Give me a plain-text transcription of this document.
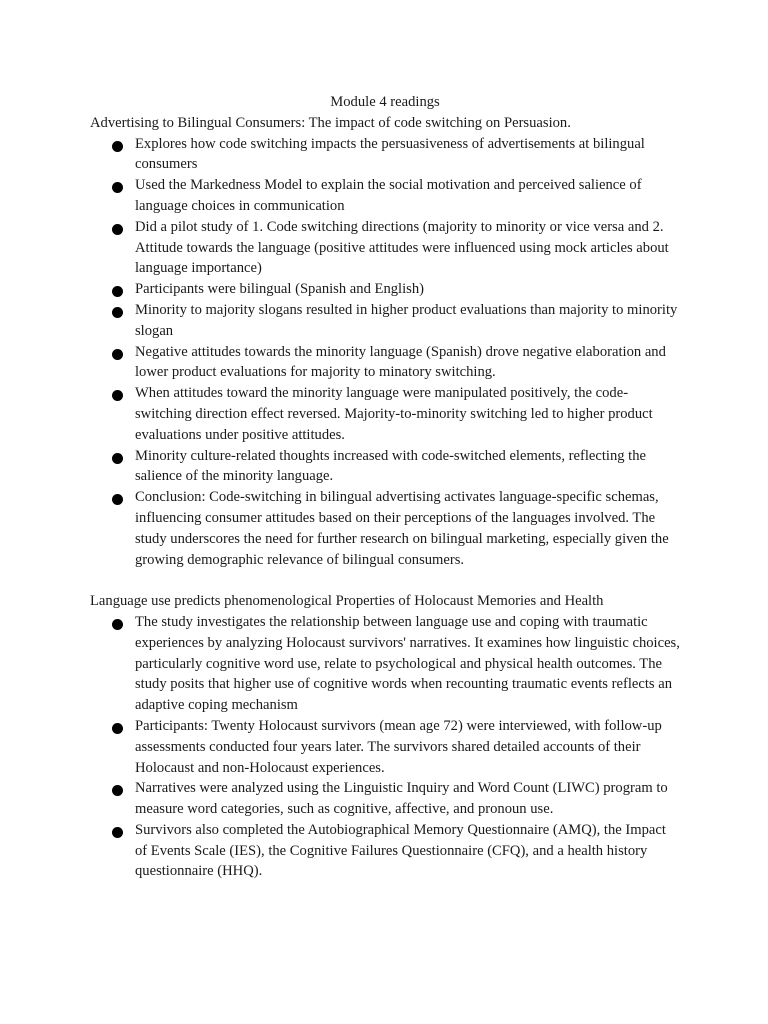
Module 4 readings

Advertising to Bilingual Consumers: The impact of code switching on Persuasion.

Explores how code switching impacts the persuasiveness of advertisements at bilingual consumers
Used the Markedness Model to explain the social motivation and perceived salience of language choices in communication
Did a pilot study of 1. Code switching directions (majority to minority or vice versa and 2. Attitude towards the language (positive attitudes were influenced using mock articles about language importance)
Participants were bilingual (Spanish and English)
Minority to majority slogans resulted in higher product evaluations than majority to minority slogan
Negative attitudes towards the minority language (Spanish) drove negative elaboration and lower product evaluations for majority to minatory switching.
When attitudes toward the minority language were manipulated positively, the code-switching direction effect reversed. Majority-to-minority switching led to higher product evaluations under positive attitudes.
Minority culture-related thoughts increased with code-switched elements, reflecting the salience of the minority language.
Conclusion: Code-switching in bilingual advertising activates language-specific schemas, influencing consumer attitudes based on their perceptions of the languages involved. The study underscores the need for further research on bilingual marketing, especially given the growing demographic relevance of bilingual consumers.

Language use predicts phenomenological Properties of Holocaust Memories and Health

The study investigates the relationship between language use and coping with traumatic experiences by analyzing Holocaust survivors' narratives. It examines how linguistic choices, particularly cognitive word use, relate to psychological and physical health outcomes. The study posits that higher use of cognitive words when recounting traumatic events reflects an adaptive coping mechanism
Participants: Twenty Holocaust survivors (mean age 72) were interviewed, with follow-up assessments conducted four years later. The survivors shared detailed accounts of their Holocaust and non-Holocaust experiences.
Narratives were analyzed using the Linguistic Inquiry and Word Count (LIWC) program to measure word categories, such as cognitive, affective, and pronoun use.
Survivors also completed the Autobiographical Memory Questionnaire (AMQ), the Impact of Events Scale (IES), the Cognitive Failures Questionnaire (CFQ), and a health history questionnaire (HHQ).
